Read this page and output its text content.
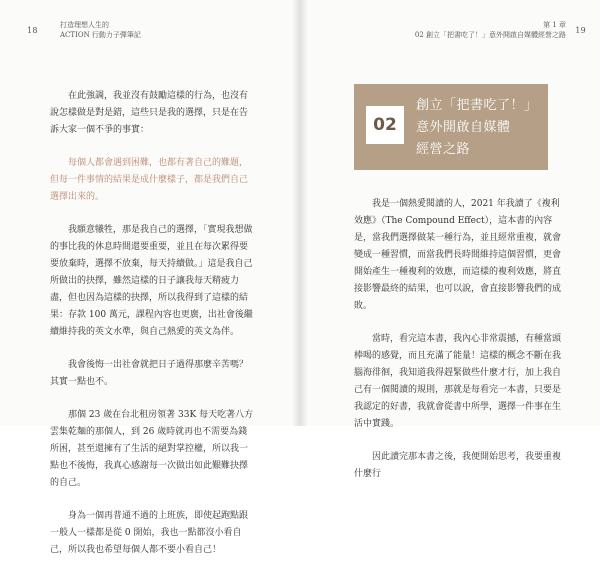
18
打造理想人生的
ACTION 行動力子彈筆記

在此強調，我並沒有鼓勵這樣的行為，也沒有說怎樣做是對是錯，這些只是我的選擇，只是在告訴大家一個不爭的事實：

每個人都會遇到困難，也都有著自己的難題，但每一件事情的結果是成什麼樣子，都是我們自己選擇出來的。

我願意犧牲，那是我自己的選擇，「實現我想做的事比我的休息時間還要重要，並且在每次累得要要放棄時，選擇不放棄，每天持續做。」這是我自己所做出的抉擇，雖然這樣的日子讓我每天精疲力盡，但也因為這樣的抉擇，所以我得到了這樣的結果：存款 100 萬元，課程內容也更廣，出社會後繼續維持我的英文水準，與自己熱愛的英文為伴。

我會後悔一出社會就把日子過得那麼辛苦嗎？其實一點也不。

那個 23 歲在台北租房領著 33K 每天吃著八方雲集乾麵的那個人，到 26 歲時就再也不需要為錢所困，甚至還擁有了生活的絕對掌控權，所以我一點也不後悔，我真心感謝每一次做出如此艱難抉擇的自己。

身為一個再普通不過的上班族，即使起跑點跟一般人一樣都是從 0 開始，我也一點都沒小看自己，所以我也希望每個人都不要小看自己！

第 1 章
02 創立「把書吃了！」意外開啟自媒體經營之路 19
02
創立「把書吃了！」
意外開啟自媒體
經營之路

我是一個熱愛閱讀的人，2021 年我讀了《複利效應》（The Compound Effect），這本書的內容是，當我們選擇做某一種行為，並且經常重複，就會變成一種習慣，而當我們長時間維持這個習慣，更會開始產生一種複利的效應，而這樣的複利效應，將直接影響最終的結果，也可以說，會直接影響我們的成敗。

當時，看完這本書，我內心非常震撼，有種當頭棒喝的感覺，而且充滿了能量！這樣的概念不斷在我腦海徘徊，我知道我得趕緊做些什麼才行，加上我自己有一個閱讀的規則，那就是每看完一本書，只要是我認定的好書，我就會從書中所學，選擇一件事在生活中實踐。

因此讀完那本書之後，我便開始思考，我要重複什麼行
